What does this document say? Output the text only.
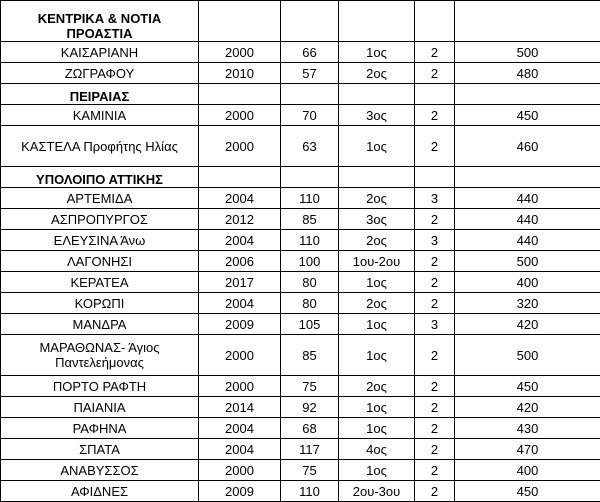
ΚΕΝΤΡΙΚΑ & ΝΟΤΙΑ ΠΡΟΑΣΤΙΑ					
ΚΑΙΣΑΡΙΑΝΗ	2000	66	1ος	2	500
ΖΩΓΡΑΦΟΥ	2010	57	2ος	2	480
ΠΕΙΡΑΙΑΣ					
ΚΑΜΙΝΙΑ	2000	70	3ος	2	450
ΚΑΣΤΕΛΑ Προφήτης Ηλίας	2000	63	1ος	2	460
ΥΠΟΛΟΙΠΟ ΑΤΤΙΚΗΣ					
ΑΡΤΕΜΙΔΑ	2004	110	2ος	3	440
ΑΣΠΡΟΠΥΡΓΟΣ	2012	85	3ος	2	440
ΕΛΕΥΣΙΝΑ Άνω	2004	110	2ος	3	440
ΛΑΓΟΝΗΣΙ	2006	100	1ου-2ου	2	500
ΚΕΡΑΤΕΑ	2017	80	1ος	2	400
ΚΟΡΩΠΙ	2004	80	2ος	2	320
ΜΑΝΔΡΑ	2009	105	1ος	3	420
ΜΑΡΑΘΩΝΑΣ- Άγιος Παντελεήμονας	2000	85	1ος	2	500
ΠΟΡΤΟ ΡΑΦΤΗ	2000	75	2ος	2	450
ΠΑΙΑΝΙΑ	2014	92	1ος	2	420
ΡΑΦΗΝΑ	2004	68	1ος	2	430
ΣΠΑΤΑ	2004	117	4ος	2	470
ΑΝΑΒΥΣΣΟΣ	2000	75	1ος	2	400
ΑΦΙΔΝΕΣ	2009	110	2ου-3ου	2	450
